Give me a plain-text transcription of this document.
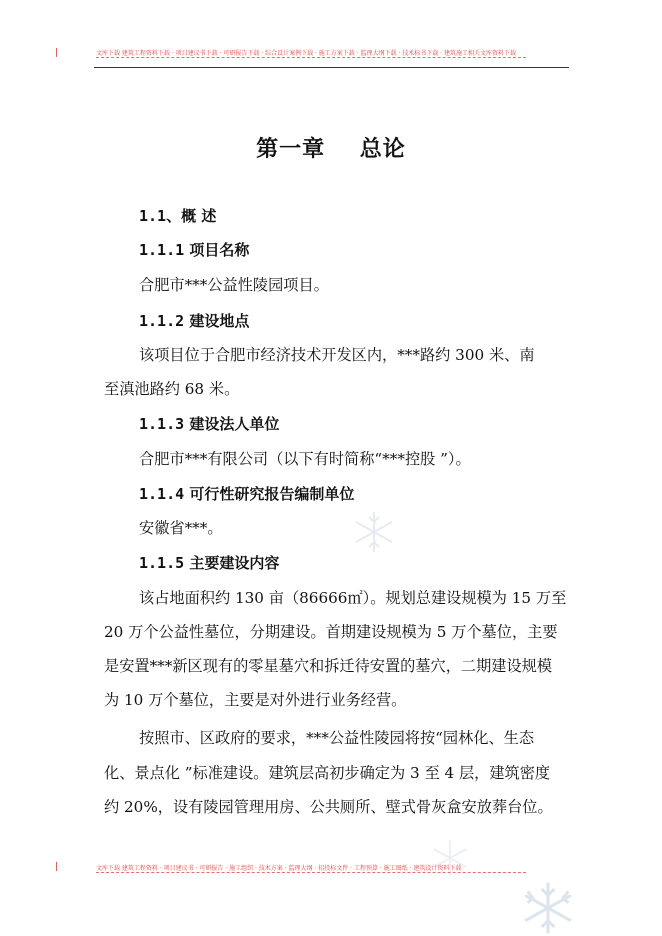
文库下载 建筑工程资料下载 · 项目建议书下载 · 可研报告下载 · 综合设计案例下载 · 施工方案下载 · 监理大纲下载 · 技术标书下载 · 建筑施工相关文库资料下载
第一章    总论
1.1、概 述
1.1.1 项目名称
合肥市***公益性陵园项目。
1.1.2 建设地点
该项目位于合肥市经济技术开发区内，***路约 300 米、南
至滇池路约 68 米。
1.1.3 建设法人单位
合肥市***有限公司（以下有时简称“***控股 ”）。
1.1.4 可行性研究报告编制单位
安徽省***。
1.1.5 主要建设内容
该占地面积约 130 亩（86666㎡）。规划总建设规模为 15 万至
20 万个公益性墓位，分期建设。首期建设规模为 5 万个墓位，主要
是安置***新区现有的零星墓穴和拆迁待安置的墓穴，二期建设规模
为 10 万个墓位，主要是对外进行业务经营。
按照市、区政府的要求，***公益性陵园将按“园林化、生态
化、景点化 ”标准建设。建筑层高初步确定为 3 至 4 层，建筑密度
约 20%，设有陵园管理用房、公共厕所、壁式骨灰盒安放葬台位。
文库下载 建筑工程资料 · 项目建议书 · 可研报告 · 施工组织 · 技术方案 · 监理大纲 · 招投标文件 · 工程预算 · 施工图纸 · 建筑设计资料下载
